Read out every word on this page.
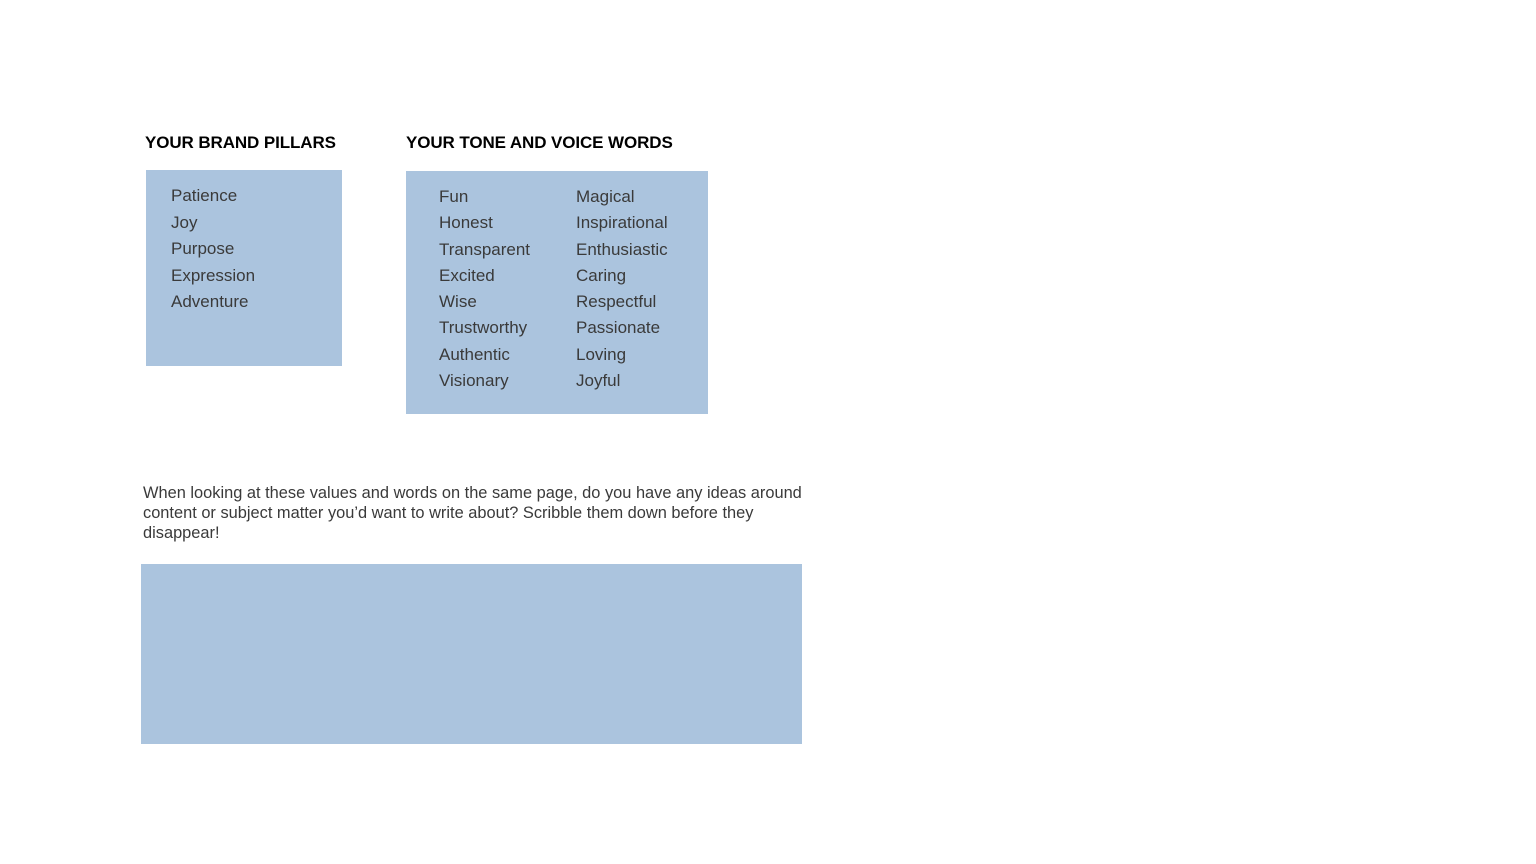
YOUR BRAND PILLARS	YOUR TONE AND VOICE WORDS
Patience
Joy
Purpose
Expression
Adventure
Fun
Honest
Transparent
Excited
Wise
Trustworthy
Authentic
Visionary
Magical
Inspirational
Enthusiastic
Caring
Respectful
Passionate
Loving
Joyful

When looking at these values and words on the same page, do you have any ideas around content or subject matter you’d want to write about? Scribble them down before they disappear!
